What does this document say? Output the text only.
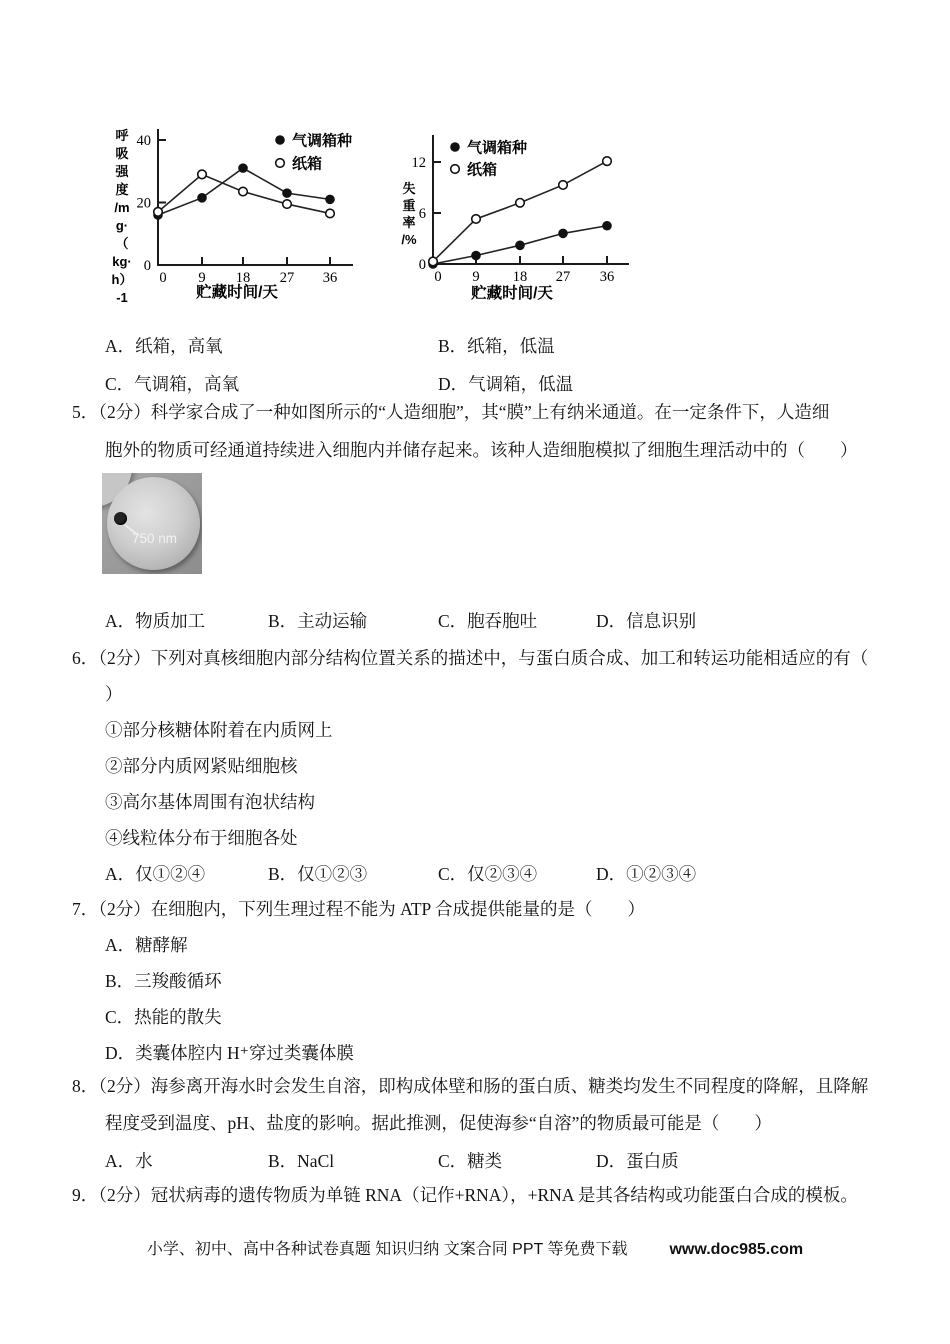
0
20
40
0 9 18 27 36
气调箱种
纸箱
呼
吸
强
度
/m
g·
（
kg·
h）
-1	贮藏时间/天
0
6
12
0 9 18 27 36
气调箱种
纸箱
失
重
率
/%
贮藏时间/天
A．纸箱，高氧	B．纸箱，低温
C．气调箱，高氧	D．气调箱，低温
5．（2分）科学家合成了一种如图所示的“人造细胞”，其“膜”上有纳米通道。在一定条件下，人造细
胞外的物质可经通道持续进入细胞内并储存起来。该种人造细胞模拟了细胞生理活动中的（　　）
750 nm
A．物质加工	B．主动运输	C．胞吞胞吐	D．信息识别
6．（2分）下列对真核细胞内部分结构位置关系的描述中，与蛋白质合成、加工和转运功能相适应的有（
）
①部分核糖体附着在内质网上
②部分内质网紧贴细胞核
③高尔基体周围有泡状结构
④线粒体分布于细胞各处
A．仅①②④	B．仅①②③	C．仅②③④	D．①②③④
7．（2分）在细胞内，下列生理过程不能为 ATP 合成提供能量的是（　　）
A．糖酵解
B．三羧酸循环
C．热能的散失
D．类囊体腔内 H⁺穿过类囊体膜
8．（2分）海参离开海水时会发生自溶，即构成体壁和肠的蛋白质、糖类均发生不同程度的降解，且降解
程度受到温度、pH、盐度的影响。据此推测，促使海参“自溶”的物质最可能是（　　）
A．水	B．NaCl	C．糖类	D．蛋白质
9．（2分）冠状病毒的遗传物质为单链 RNA（记作+RNA），+RNA 是其各结构或功能蛋白合成的模板。
小学、初中、高中各种试卷真题 知识归纳 文案合同 PPT 等免费下载	www.doc985.com
